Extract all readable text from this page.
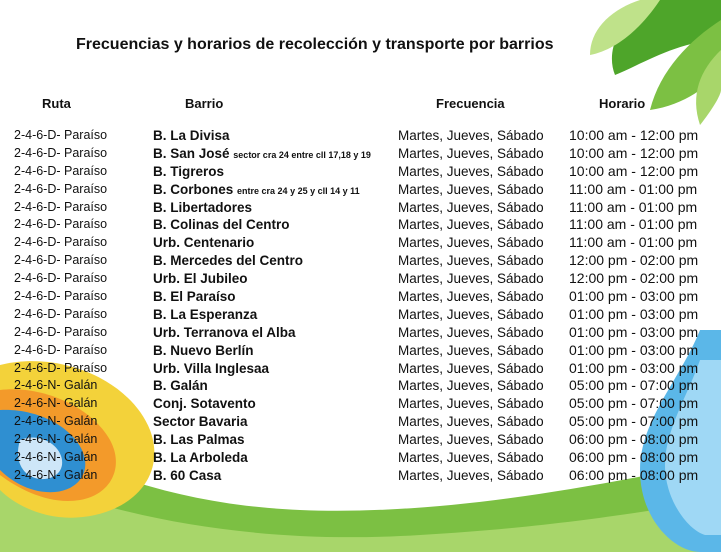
Frecuencias y horarios de recolección y transporte por barrios
Ruta	Barrio	Frecuencia	Horario
2-4-6-D- Paraíso	B. La Divisa	Martes, Jueves, Sábado 10:00 am - 12:00 pm
2-4-6-D- Paraíso	B. San José sector cra 24 entre cll 17,18 y 19 Martes, Jueves, Sábado 10:00 am - 12:00 pm
2-4-6-D- Paraíso	B. Tigreros	Martes, Jueves, Sábado 10:00 am - 12:00 pm
2-4-6-D- Paraíso	B. Corbones entre cra 24 y 25 y cll 14 y 11	Martes, Jueves, Sábado 11:00 am - 01:00 pm
2-4-6-D- Paraíso	B. Libertadores	Martes, Jueves, Sábado 11:00 am - 01:00 pm
2-4-6-D- Paraíso	B. Colinas del Centro	Martes, Jueves, Sábado 11:00 am - 01:00 pm
2-4-6-D- Paraíso	Urb. Centenario	Martes, Jueves, Sábado 11:00 am - 01:00 pm
2-4-6-D- Paraíso	B. Mercedes del Centro	Martes, Jueves, Sábado 12:00 pm - 02:00 pm
2-4-6-D- Paraíso	Urb. El Jubileo	Martes, Jueves, Sábado 12:00 pm - 02:00 pm
2-4-6-D- Paraíso	B. El Paraíso	Martes, Jueves, Sábado 01:00 pm - 03:00 pm
2-4-6-D- Paraíso	B. La Esperanza	Martes, Jueves, Sábado 01:00 pm - 03:00 pm
2-4-6-D- Paraíso	Urb. Terranova el Alba	Martes, Jueves, Sábado 01:00 pm - 03:00 pm
2-4-6-D- Paraíso	B. Nuevo Berlín	Martes, Jueves, Sábado 01:00 pm - 03:00 pm
2-4-6-D- Paraíso	Urb. Villa Inglesaa	Martes, Jueves, Sábado 01:00 pm - 03:00 pm
2-4-6-N- Galán	B. Galán	Martes, Jueves, Sábado 05:00 pm - 07:00 pm
2-4-6-N- Galán	Conj. Sotavento	Martes, Jueves, Sábado 05:00 pm - 07:00 pm
2-4-6-N- Galán	Sector Bavaria	Martes, Jueves, Sábado 05:00 pm - 07:00 pm
2-4-6-N- Galán	B. Las Palmas	Martes, Jueves, Sábado 06:00 pm - 08:00 pm
2-4-6-N- Galán	B. La Arboleda	Martes, Jueves, Sábado 06:00 pm - 08:00 pm
2-4-6-N- Galán	B. 60 Casa	Martes, Jueves, Sábado 06:00 pm - 08:00 pm
